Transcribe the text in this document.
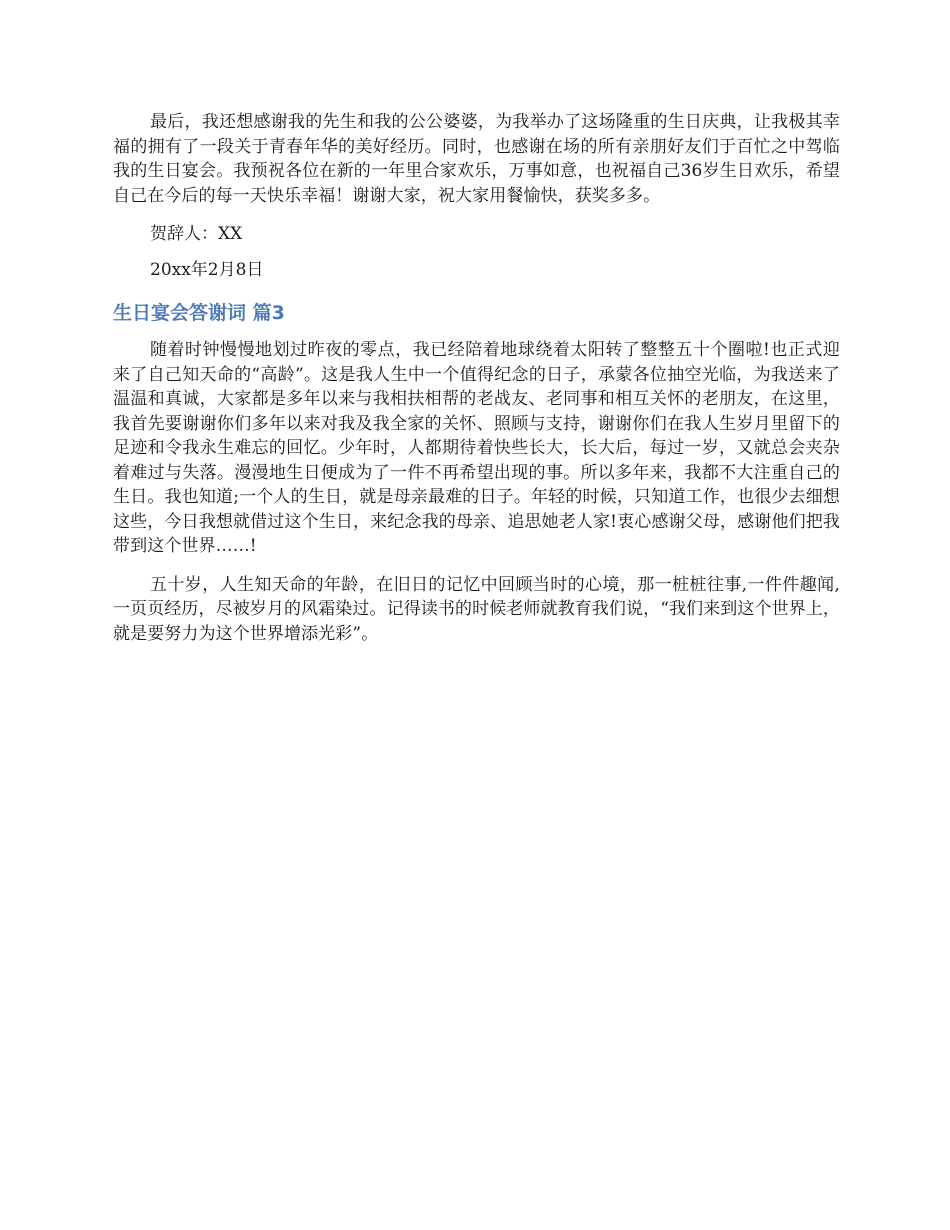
最后，我还想感谢我的先生和我的公公婆婆，为我举办了这场隆重的生日庆典，让我极其幸福的拥有了一段关于青春年华的美好经历。同时，也感谢在场的所有亲朋好友们于百忙之中驾临我的生日宴会。我预祝各位在新的一年里合家欢乐，万事如意，也祝福自己36岁生日欢乐，希望自己在今后的每一天快乐幸福！谢谢大家，祝大家用餐愉快，获奖多多。

贺辞人：XX

20xx年2月8日

生日宴会答谢词 篇3

随着时钟慢慢地划过昨夜的零点，我已经陪着地球绕着太阳转了整整五十个圈啦!也正式迎来了自己知天命的“高龄”。这是我人生中一个值得纪念的日子，承蒙各位抽空光临，为我送来了温温和真诚，大家都是多年以来与我相扶相帮的老战友、老同事和相互关怀的老朋友，在这里，我首先要谢谢你们多年以来对我及我全家的关怀、照顾与支持，谢谢你们在我人生岁月里留下的足迹和令我永生难忘的回忆。少年时，人都期待着快些长大，长大后，每过一岁，又就总会夹杂着难过与失落。漫漫地生日便成为了一件不再希望出现的事。所以多年来，我都不大注重自己的生日。我也知道;一个人的生日，就是母亲最难的日子。年轻的时候，只知道工作，也很少去细想这些，今日我想就借过这个生日，来纪念我的母亲、追思她老人家!衷心感谢父母，感谢他们把我带到这个世界……!

五十岁，人生知天命的年龄，在旧日的记忆中回顾当时的心境，那一桩桩往事,一件件趣闻,一页页经历，尽被岁月的风霜染过。记得读书的时候老师就教育我们说，“我们来到这个世界上，就是要努力为这个世界增添光彩”。
